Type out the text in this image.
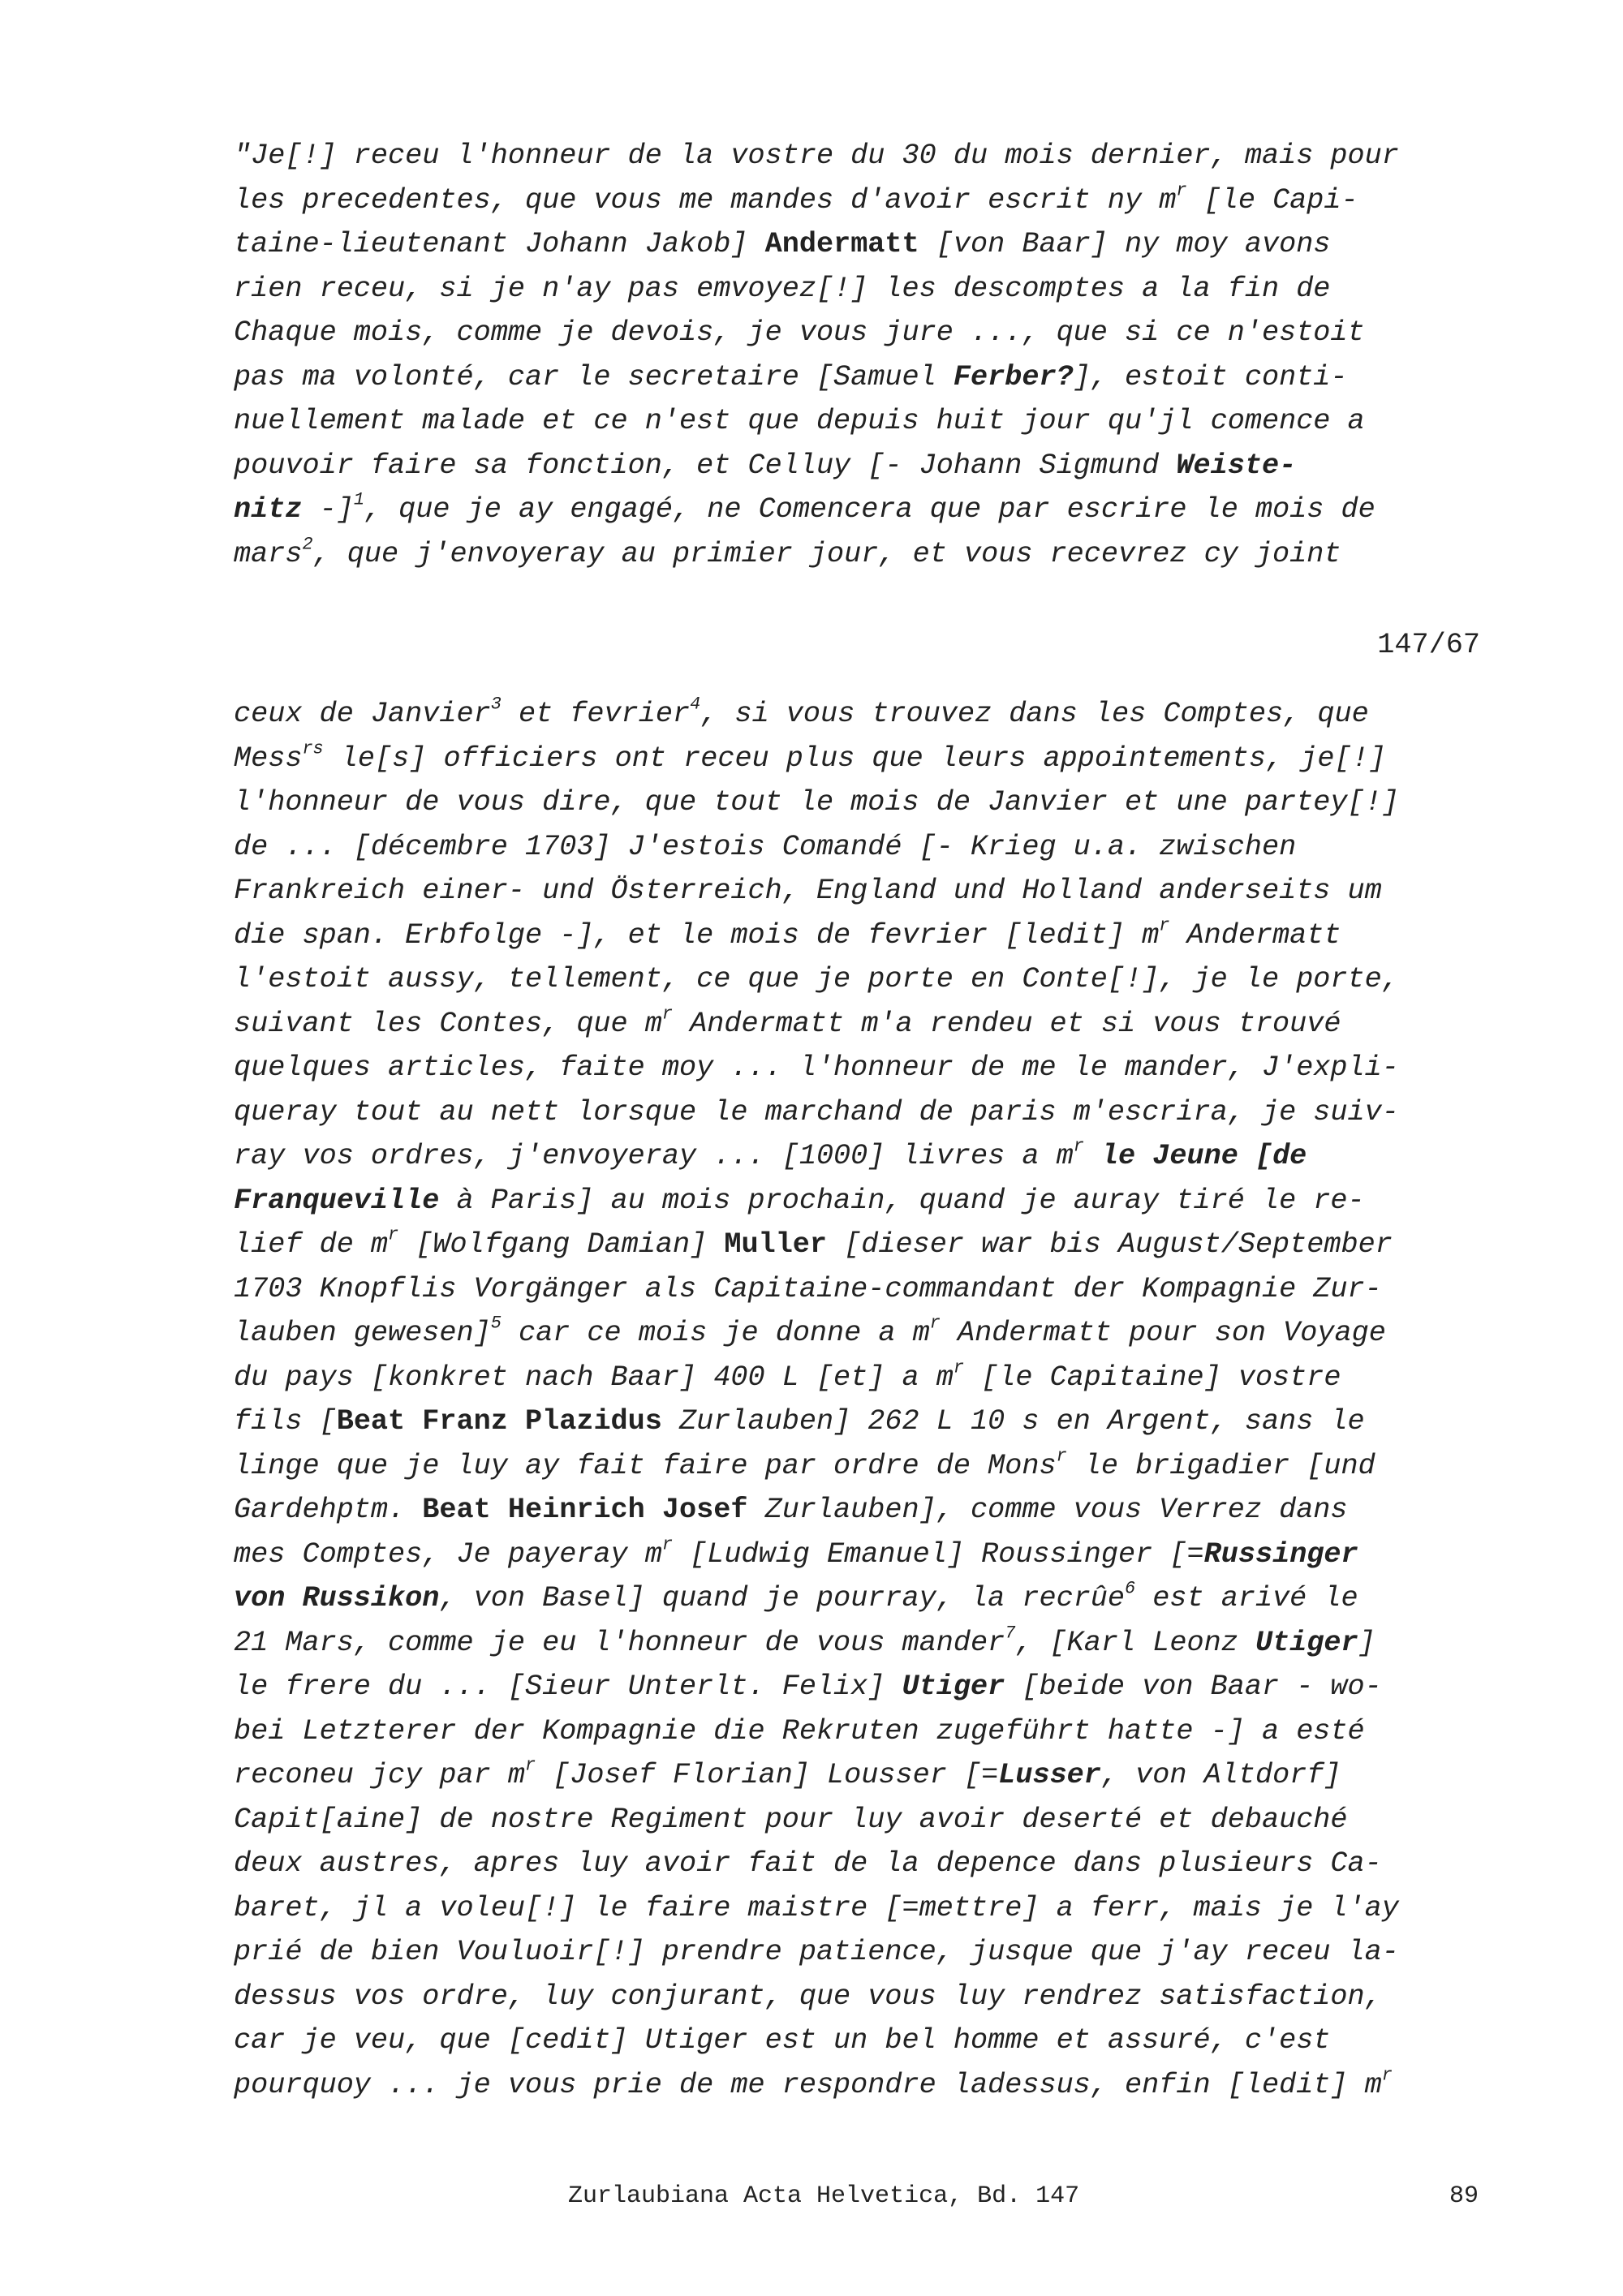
"Je[!] receu l'honneur de la vostre du 30 du mois dernier, mais pour
les precedentes, que vous me mandes d'avoir escrit ny $m^r$ [le Capi-
taine-lieutenant Johann Jakob] Andermatt [von Baar] ny moy avons
rien receu, si je n'ay pas emvoyez[!] les descomptes a la fin de
Chaque mois, comme je devois, je vous jure ..., que si ce n'estoit
pas ma volonté, car le secretaire [Samuel Ferber?], estoit conti-
nuellement malade et ce n'est que depuis huit jour qu'jl comence a
pouvoir faire sa fonction, et Celluy [- Johann Sigmund Weiste-
nitz -]$^1$, que je ay engagé, ne Comencera que par escrire le mois de
mars$^2$, que j'envoyeray au primier jour, et vous recevrez cy joint
147/67
ceux de Janvier$^3$ et fevrier$^4$, si vous trouvez dans les Comptes, que
Mess$^{rs}$ le[s] officiers ont receu plus que leurs appointements, je[!]
l'honneur de vous dire, que tout le mois de Janvier et une partey[!]
de ... [décembre 1703] J'estois Comandé [- Krieg u.a. zwischen
Frankreich einer- und Österreich, England und Holland anderseits um
die span. Erbfolge -], et le mois de fevrier [ledit] $m^r$ Andermatt
l'estoit aussy, tellement, ce que je porte en Conte[!], je le porte,
suivant les Contes, que $m^r$ Andermatt m'a rendeu et si vous trouvé
quelques articles, faite moy ... l'honneur de me le mander, J'expli-
queray tout au nett lorsque le marchand de paris m'escrira, je suiv-
ray vos ordres, j'envoyeray ... [1000] livres a $m^r$ le Jeune [de
Franqueville à Paris] au mois prochain, quand je auray tiré le re-
lief de $m^r$ [Wolfgang Damian] Muller [dieser war bis August/September
1703 Knopflis Vorgänger als Capitaine-commandant der Kompagnie Zur-
lauben gewesen]$^5$ car ce mois je donne a $m^r$ Andermatt pour son Voyage
du pays [konkret nach Baar] 400 L [et] a $m^r$ [le Capitaine] vostre
fils [Beat Franz Plazidus Zurlauben] 262 L 10 s en Argent, sans le
linge que je luy ay fait faire par ordre de Mons$^r$ le brigadier [und
Gardehptm. Beat Heinrich Josef Zurlauben], comme vous Verrez dans
mes Comptes, Je payeray $m^r$ [Ludwig Emanuel] Roussinger [=Russinger
von Russikon, von Basel] quand je pourray, la recrûe$^6$ est arivé le
21 Mars, comme je eu l'honneur de vous mander$^7$, [Karl Leonz Utiger]
le frere du ... [Sieur Unterlt. Felix] Utiger [beide von Baar - wo-
bei Letzterer der Kompagnie die Rekruten zugeführt hatte -] a esté
reconeu jcy par $m^r$ [Josef Florian] Lousser [=Lusser, von Altdorf]
Capit[aine] de nostre Regiment pour luy avoir deserté et debauché
deux austres, apres luy avoir fait de la depence dans plusieurs Ca-
baret, jl a voleu[!] le faire maistre [=mettre] a ferr, mais je l'ay
prié de bien Vouluoir[!] prendre patience, jusque que j'ay receu la-
dessus vos ordre, luy conjurant, que vous luy rendrez satisfaction,
car je veu, que [cedit] Utiger est un bel homme et assuré, c'est
pourquoy ... je vous prie de me respondre ladessus, enfin [ledit] $m^r$
Zurlaubiana Acta Helvetica, Bd. 147	89
